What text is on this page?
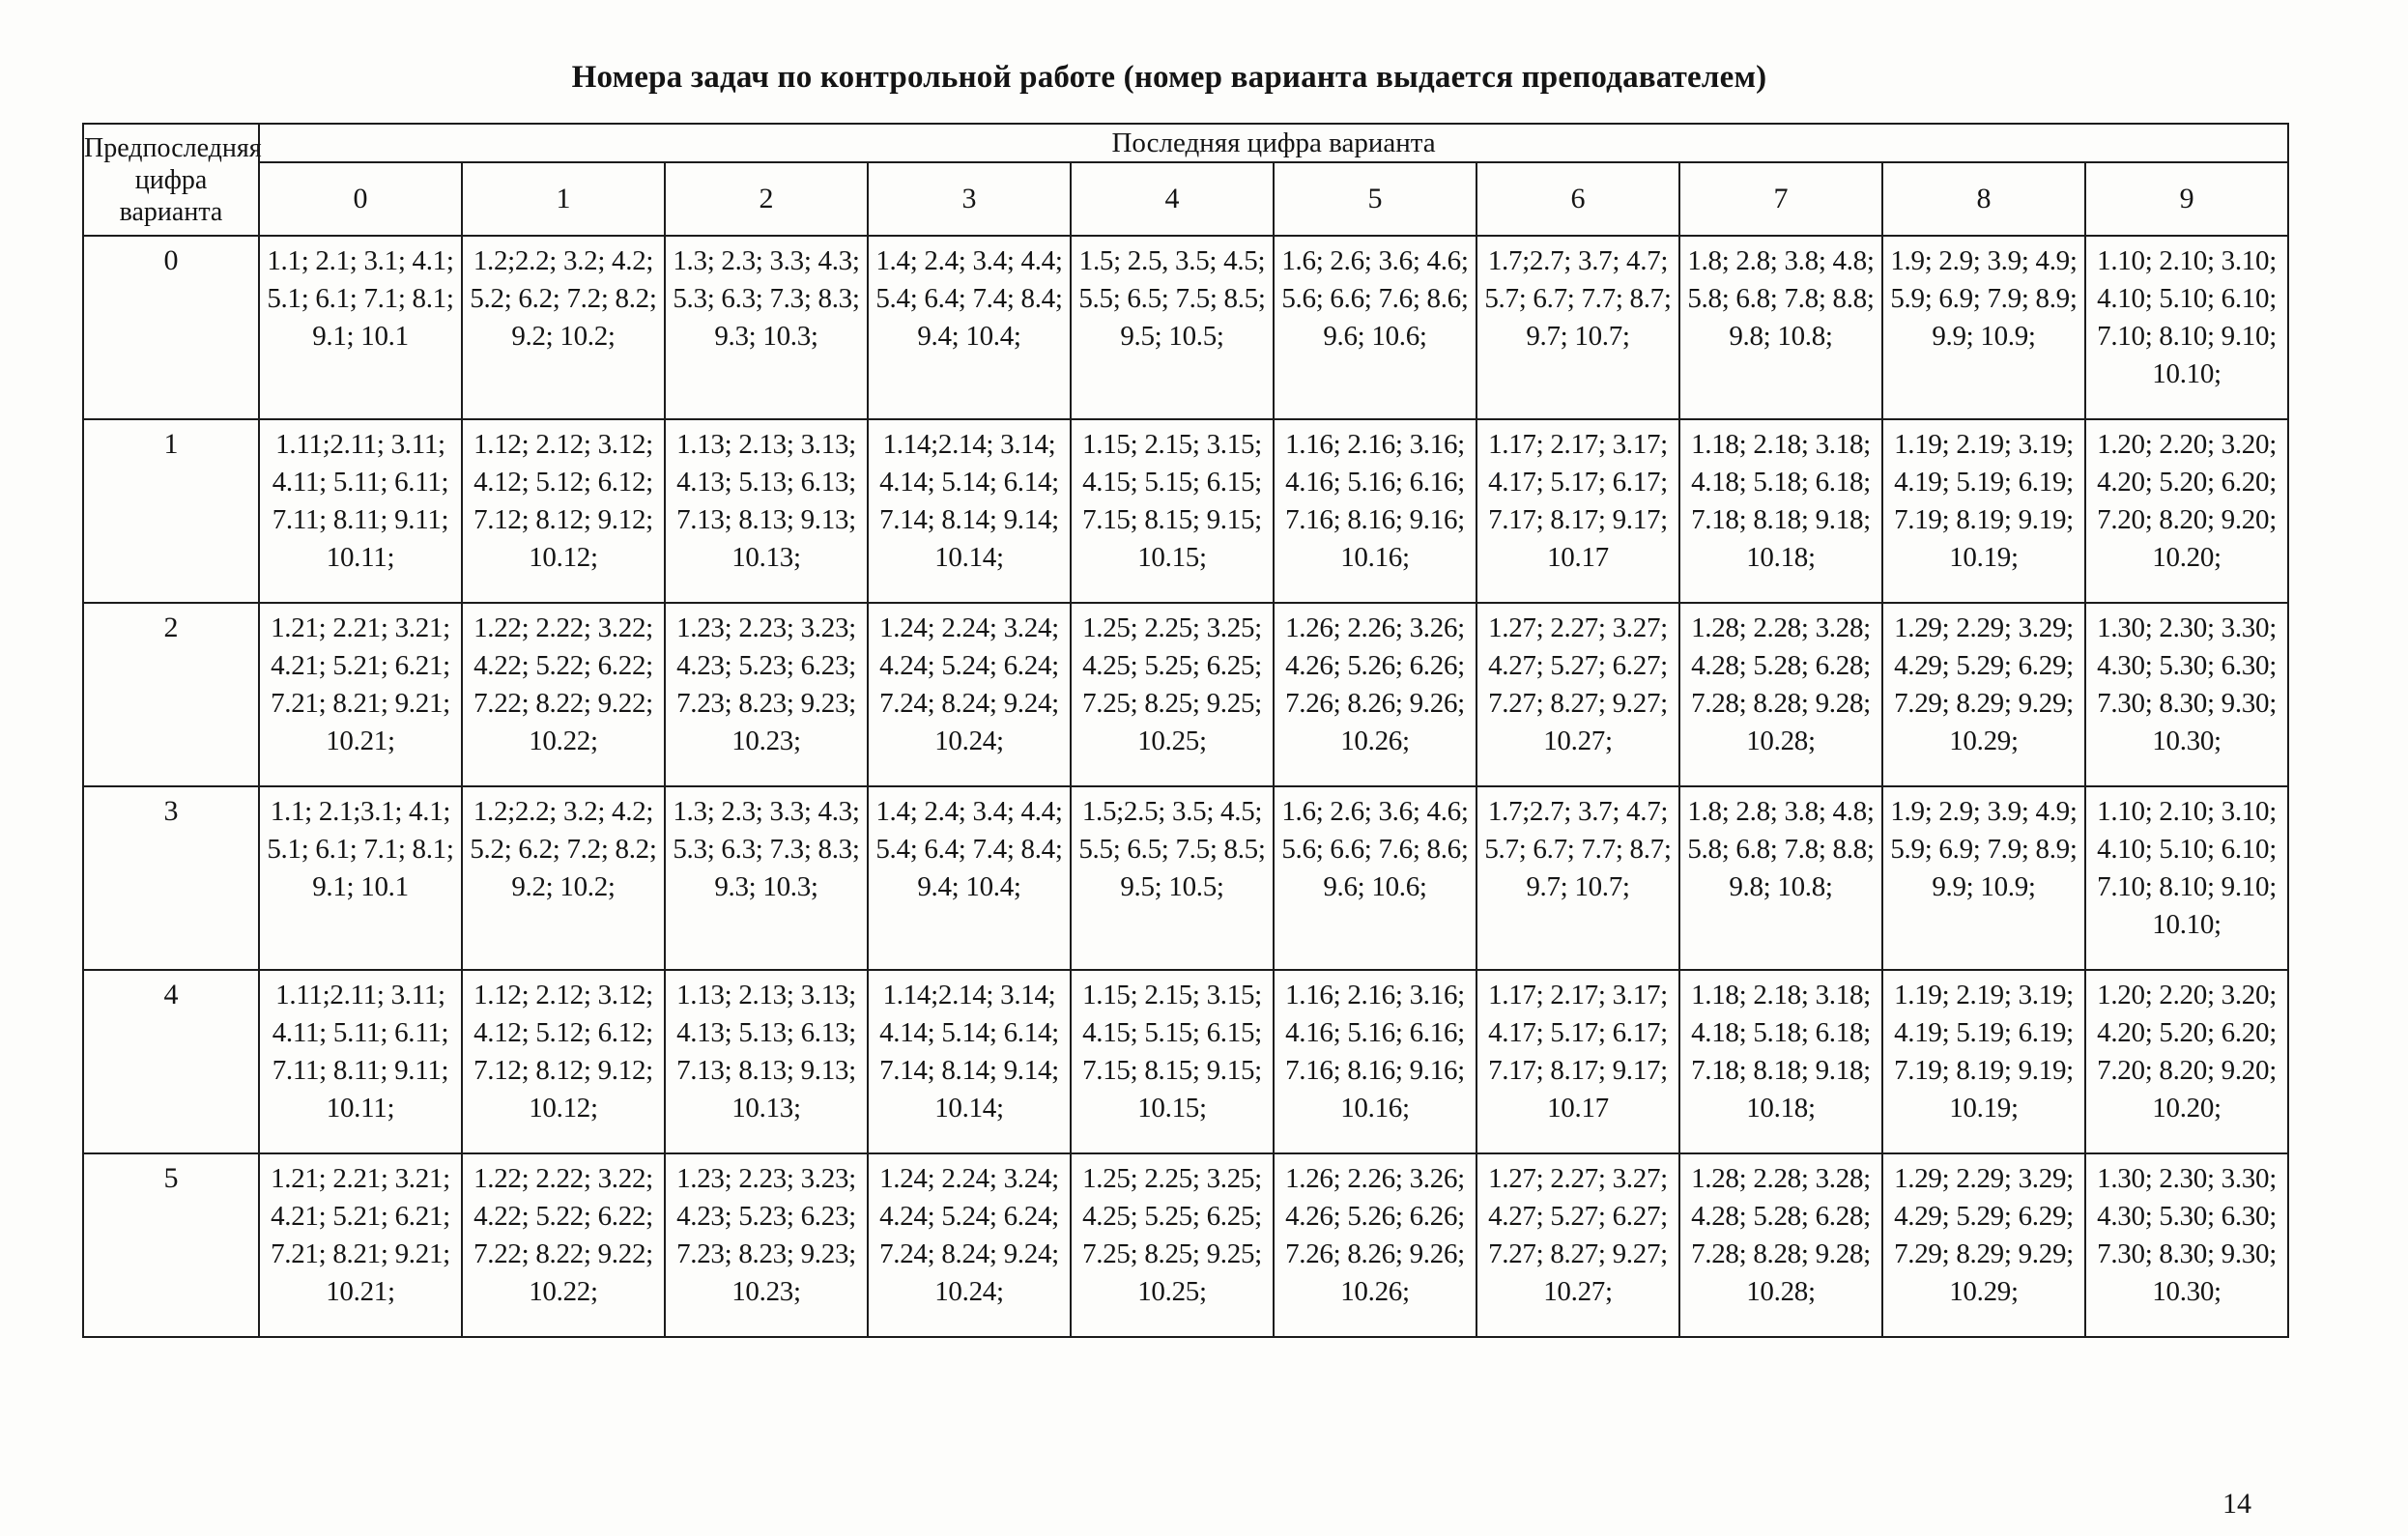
Номера задач по контрольной работе (номер варианта выдается преподавателем)
Предпоследняя цифра варианта	Последняя цифра варианта									
	0	1	2	3	4	5	6	7	8	9
0	1.1; 2.1; 3.1; 4.1; 5.1; 6.1; 7.1; 8.1; 9.1; 10.1	1.2;2.2; 3.2; 4.2; 5.2; 6.2; 7.2; 8.2; 9.2; 10.2;	1.3; 2.3; 3.3; 4.3; 5.3; 6.3; 7.3; 8.3; 9.3; 10.3;	1.4; 2.4; 3.4; 4.4; 5.4; 6.4; 7.4; 8.4; 9.4; 10.4;	1.5; 2.5, 3.5; 4.5; 5.5; 6.5; 7.5; 8.5; 9.5; 10.5;	1.6; 2.6; 3.6; 4.6; 5.6; 6.6; 7.6; 8.6; 9.6; 10.6;	1.7;2.7; 3.7; 4.7; 5.7; 6.7; 7.7; 8.7; 9.7; 10.7;	1.8; 2.8; 3.8; 4.8; 5.8; 6.8; 7.8; 8.8; 9.8; 10.8;	1.9; 2.9; 3.9; 4.9; 5.9; 6.9; 7.9; 8.9; 9.9; 10.9;	1.10; 2.10; 3.10; 4.10; 5.10; 6.10; 7.10; 8.10; 9.10; 10.10;
1	1.11;2.11; 3.11; 4.11; 5.11; 6.11; 7.11; 8.11; 9.11; 10.11;	1.12; 2.12; 3.12; 4.12; 5.12; 6.12; 7.12; 8.12; 9.12; 10.12;	1.13; 2.13; 3.13; 4.13; 5.13; 6.13; 7.13; 8.13; 9.13; 10.13;	1.14;2.14; 3.14; 4.14; 5.14; 6.14; 7.14; 8.14; 9.14; 10.14;	1.15; 2.15; 3.15; 4.15; 5.15; 6.15; 7.15; 8.15; 9.15; 10.15;	1.16; 2.16; 3.16; 4.16; 5.16; 6.16; 7.16; 8.16; 9.16; 10.16;	1.17; 2.17; 3.17; 4.17; 5.17; 6.17; 7.17; 8.17; 9.17; 10.17	1.18; 2.18; 3.18; 4.18; 5.18; 6.18; 7.18; 8.18; 9.18; 10.18;	1.19; 2.19; 3.19; 4.19; 5.19; 6.19; 7.19; 8.19; 9.19; 10.19;	1.20; 2.20; 3.20; 4.20; 5.20; 6.20; 7.20; 8.20; 9.20; 10.20;
2	1.21; 2.21; 3.21; 4.21; 5.21; 6.21; 7.21; 8.21; 9.21; 10.21;	1.22; 2.22; 3.22; 4.22; 5.22; 6.22; 7.22; 8.22; 9.22; 10.22;	1.23; 2.23; 3.23; 4.23; 5.23; 6.23; 7.23; 8.23; 9.23; 10.23;	1.24; 2.24; 3.24; 4.24; 5.24; 6.24; 7.24; 8.24; 9.24; 10.24;	1.25; 2.25; 3.25; 4.25; 5.25; 6.25; 7.25; 8.25; 9.25; 10.25;	1.26; 2.26; 3.26; 4.26; 5.26; 6.26; 7.26; 8.26; 9.26; 10.26;	1.27; 2.27; 3.27; 4.27; 5.27; 6.27; 7.27; 8.27; 9.27; 10.27;	1.28; 2.28; 3.28; 4.28; 5.28; 6.28; 7.28; 8.28; 9.28; 10.28;	1.29; 2.29; 3.29; 4.29; 5.29; 6.29; 7.29; 8.29; 9.29; 10.29;	1.30; 2.30; 3.30; 4.30; 5.30; 6.30; 7.30; 8.30; 9.30; 10.30;
3	1.1; 2.1;3.1; 4.1; 5.1; 6.1; 7.1; 8.1; 9.1; 10.1	1.2;2.2; 3.2; 4.2; 5.2; 6.2; 7.2; 8.2; 9.2; 10.2;	1.3; 2.3; 3.3; 4.3; 5.3; 6.3; 7.3; 8.3; 9.3; 10.3;	1.4; 2.4; 3.4; 4.4; 5.4; 6.4; 7.4; 8.4; 9.4; 10.4;	1.5;2.5; 3.5; 4.5; 5.5; 6.5; 7.5; 8.5; 9.5; 10.5;	1.6; 2.6; 3.6; 4.6; 5.6; 6.6; 7.6; 8.6; 9.6; 10.6;	1.7;2.7; 3.7; 4.7; 5.7; 6.7; 7.7; 8.7; 9.7; 10.7;	1.8; 2.8; 3.8; 4.8; 5.8; 6.8; 7.8; 8.8; 9.8; 10.8;	1.9; 2.9; 3.9; 4.9; 5.9; 6.9; 7.9; 8.9; 9.9; 10.9;	1.10; 2.10; 3.10; 4.10; 5.10; 6.10; 7.10; 8.10; 9.10; 10.10;
4	1.11;2.11; 3.11; 4.11; 5.11; 6.11; 7.11; 8.11; 9.11; 10.11;	1.12; 2.12; 3.12; 4.12; 5.12; 6.12; 7.12; 8.12; 9.12; 10.12;	1.13; 2.13; 3.13; 4.13; 5.13; 6.13; 7.13; 8.13; 9.13; 10.13;	1.14;2.14; 3.14; 4.14; 5.14; 6.14; 7.14; 8.14; 9.14; 10.14;	1.15; 2.15; 3.15; 4.15; 5.15; 6.15; 7.15; 8.15; 9.15; 10.15;	1.16; 2.16; 3.16; 4.16; 5.16; 6.16; 7.16; 8.16; 9.16; 10.16;	1.17; 2.17; 3.17; 4.17; 5.17; 6.17; 7.17; 8.17; 9.17; 10.17	1.18; 2.18; 3.18; 4.18; 5.18; 6.18; 7.18; 8.18; 9.18; 10.18;	1.19; 2.19; 3.19; 4.19; 5.19; 6.19; 7.19; 8.19; 9.19; 10.19;	1.20; 2.20; 3.20; 4.20; 5.20; 6.20; 7.20; 8.20; 9.20; 10.20;
5	1.21; 2.21; 3.21; 4.21; 5.21; 6.21; 7.21; 8.21; 9.21; 10.21;	1.22; 2.22; 3.22; 4.22; 5.22; 6.22; 7.22; 8.22; 9.22; 10.22;	1.23; 2.23; 3.23; 4.23; 5.23; 6.23; 7.23; 8.23; 9.23; 10.23;	1.24; 2.24; 3.24; 4.24; 5.24; 6.24; 7.24; 8.24; 9.24; 10.24;	1.25; 2.25; 3.25; 4.25; 5.25; 6.25; 7.25; 8.25; 9.25; 10.25;	1.26; 2.26; 3.26; 4.26; 5.26; 6.26; 7.26; 8.26; 9.26; 10.26;	1.27; 2.27; 3.27; 4.27; 5.27; 6.27; 7.27; 8.27; 9.27; 10.27;	1.28; 2.28; 3.28; 4.28; 5.28; 6.28; 7.28; 8.28; 9.28; 10.28;	1.29; 2.29; 3.29; 4.29; 5.29; 6.29; 7.29; 8.29; 9.29; 10.29;	1.30; 2.30; 3.30; 4.30; 5.30; 6.30; 7.30; 8.30; 9.30; 10.30;
14
